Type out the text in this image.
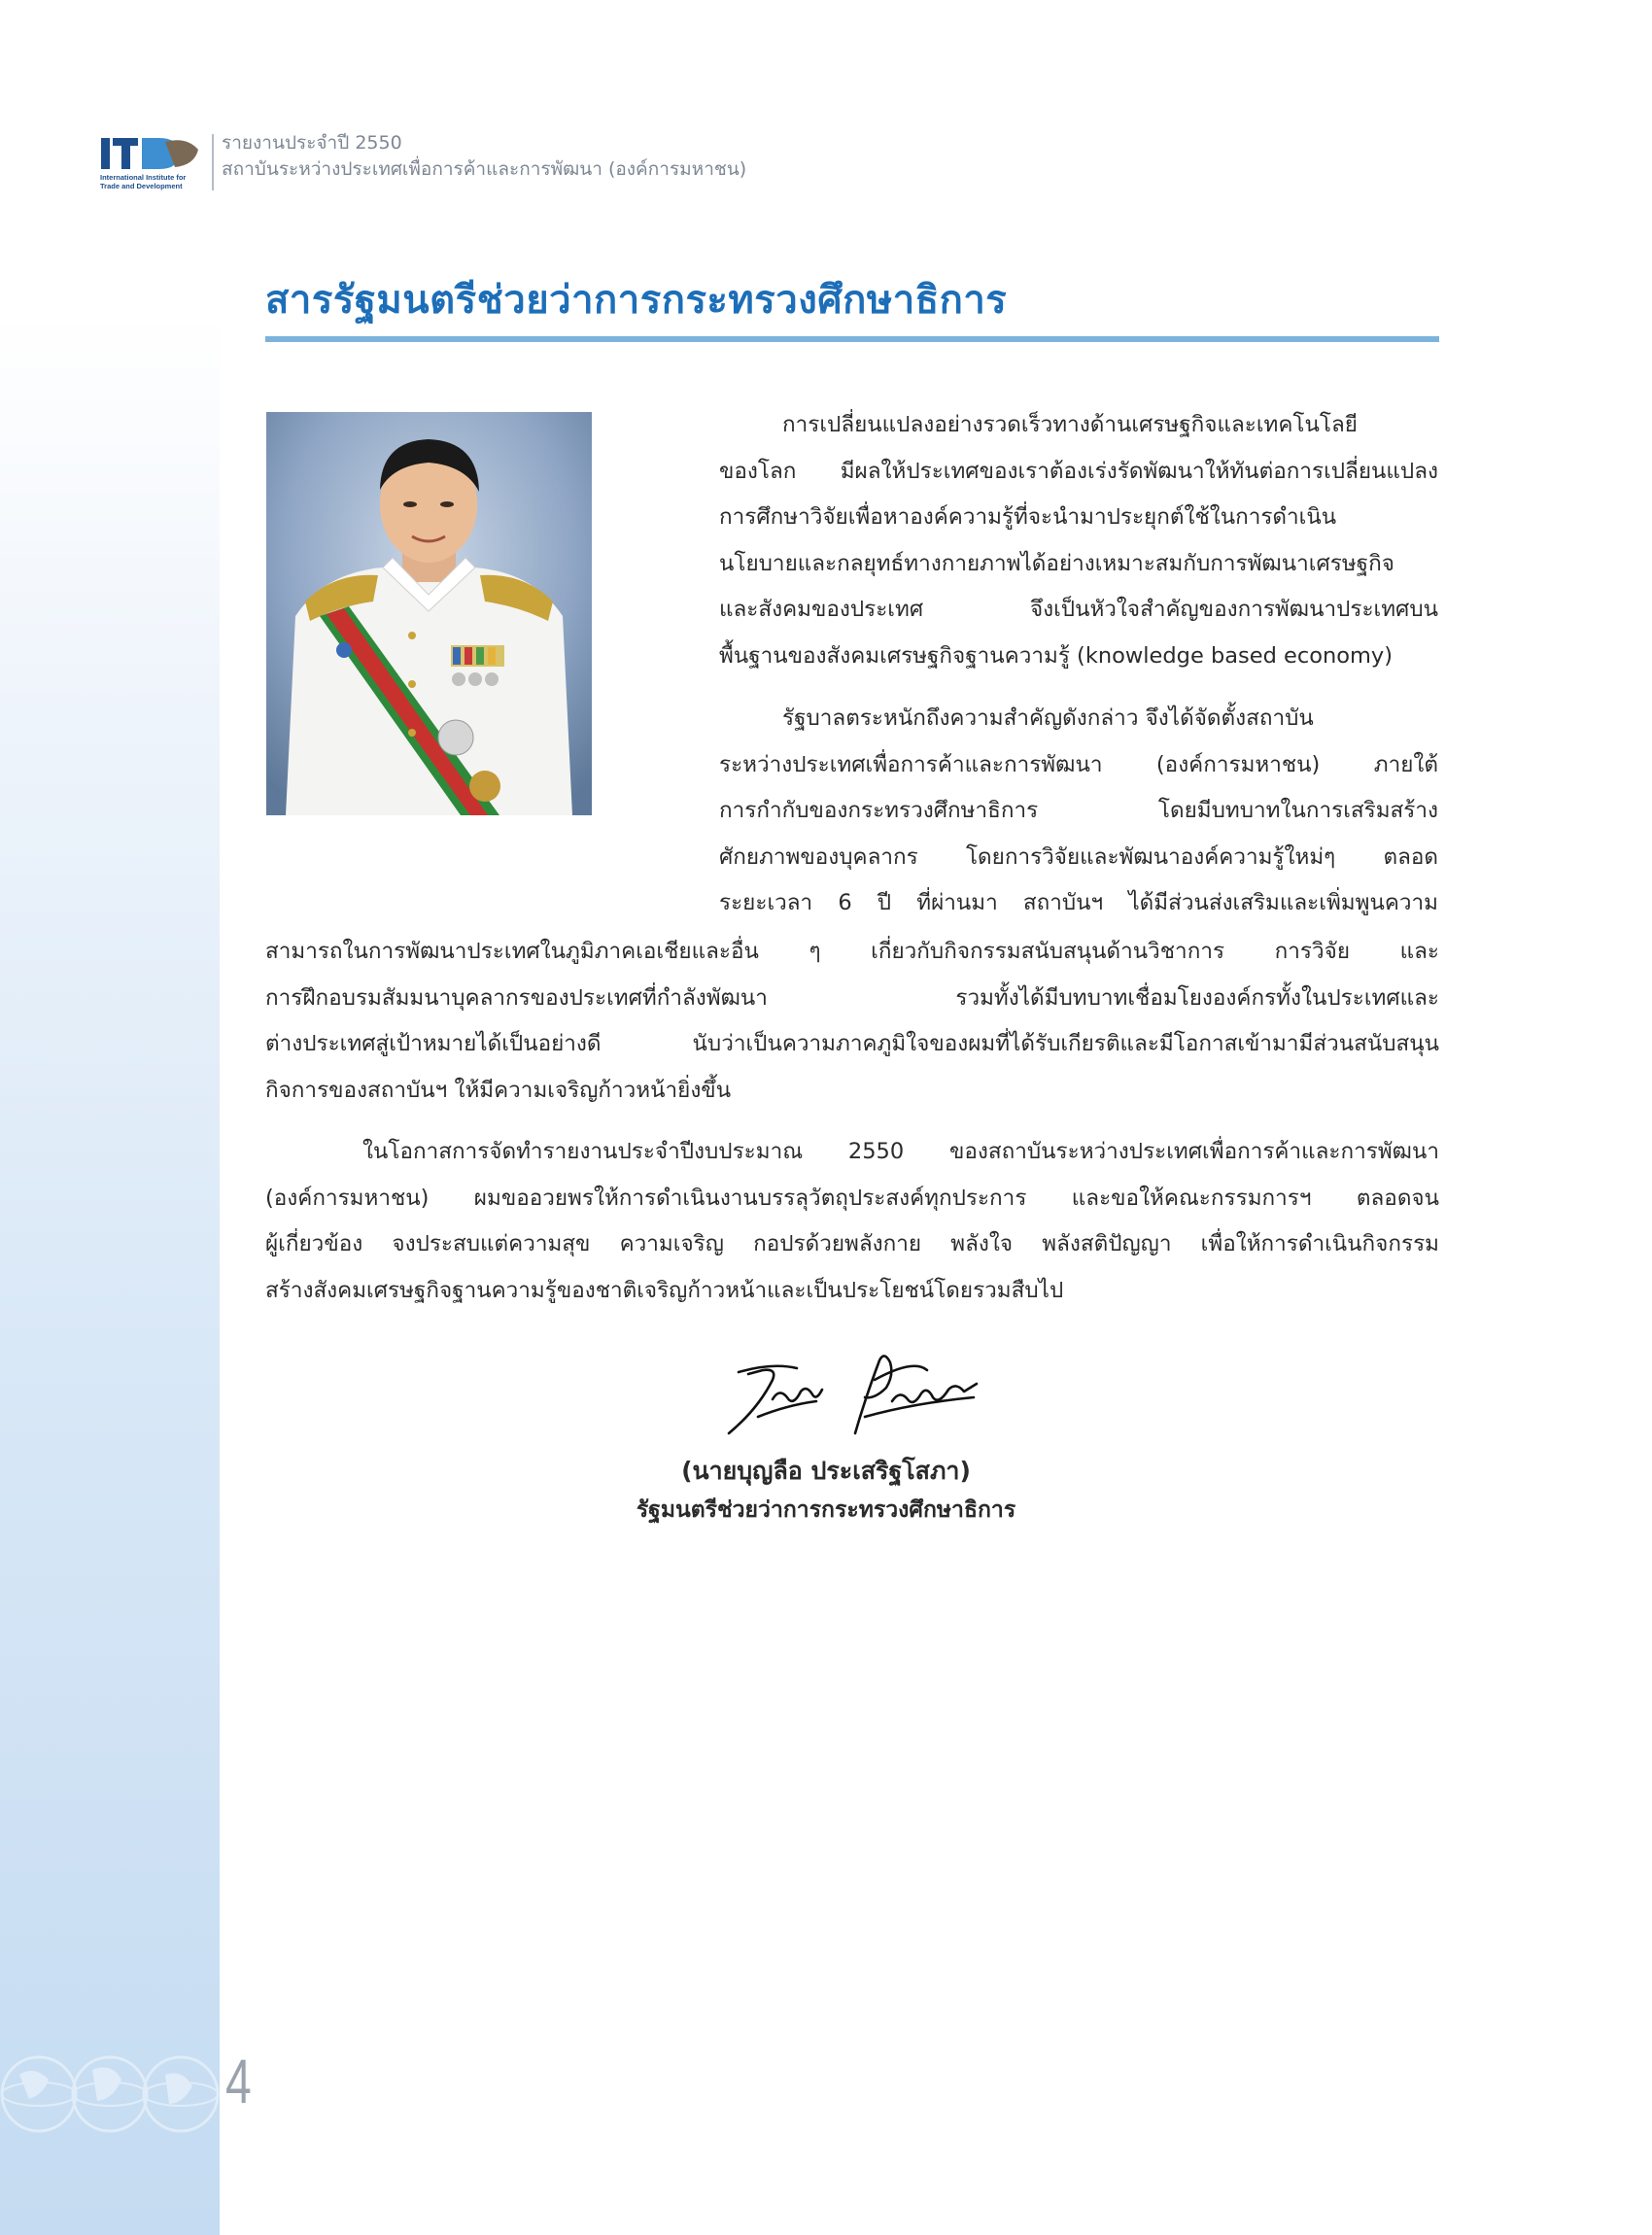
4
International Institute for
Trade and Development
รายงานประจำปี 2550
สถาบันระหว่างประเทศเพื่อการค้าและการพัฒนา (องค์การมหาชน)
สารรัฐมนตรีช่วยว่าการกระทรวงศึกษาธิการ
การเปลี่ยนแปลงอย่างรวดเร็วทางด้านเศรษฐกิจและเทคโนโลยี
ของโลก มีผลให้ประเทศของเราต้องเร่งรัดพัฒนาให้ทันต่อการเปลี่ยนแปลง
การศึกษาวิจัยเพื่อหาองค์ความรู้ที่จะนำมาประยุกต์ใช้ในการดำเนิน
นโยบายและกลยุทธ์ทางกายภาพได้อย่างเหมาะสมกับการพัฒนาเศรษฐกิจ
และสังคมของประเทศ จึงเป็นหัวใจสำคัญของการพัฒนาประเทศบน
พื้นฐานของสังคมเศรษฐกิจฐานความรู้ (knowledge based economy)
รัฐบาลตระหนักถึงความสำคัญดังกล่าว จึงได้จัดตั้งสถาบัน
ระหว่างประเทศเพื่อการค้าและการพัฒนา (องค์การมหาชน) ภายใต้
การกำกับของกระทรวงศึกษาธิการ โดยมีบทบาทในการเสริมสร้าง
ศักยภาพของบุคลากร โดยการวิจัยและพัฒนาองค์ความรู้ใหม่ๆ ตลอด
ระยะเวลา 6 ปี ที่ผ่านมา สถาบันฯ ได้มีส่วนส่งเสริมและเพิ่มพูนความ
สามารถในการพัฒนาประเทศในภูมิภาคเอเชียและอื่น ๆ เกี่ยวกับกิจกรรมสนับสนุนด้านวิชาการ การวิจัย และ
การฝึกอบรมสัมมนาบุคลากรของประเทศที่กำลังพัฒนา รวมทั้งได้มีบทบาทเชื่อมโยงองค์กรทั้งในประเทศและ
ต่างประเทศสู่เป้าหมายได้เป็นอย่างดี นับว่าเป็นความภาคภูมิใจของผมที่ได้รับเกียรติและมีโอกาสเข้ามามีส่วนสนับสนุน
กิจการของสถาบันฯ ให้มีความเจริญก้าวหน้ายิ่งขึ้น
ในโอกาสการจัดทำรายงานประจำปีงบประมาณ 2550 ของสถาบันระหว่างประเทศเพื่อการค้าและการพัฒนา
(องค์การมหาชน) ผมขออวยพรให้การดำเนินงานบรรลุวัตถุประสงค์ทุกประการ และขอให้คณะกรรมการฯ ตลอดจน
ผู้เกี่ยวข้อง จงประสบแต่ความสุข ความเจริญ กอปรด้วยพลังกาย พลังใจ พลังสติปัญญา เพื่อให้การดำเนินกิจกรรม
สร้างสังคมเศรษฐกิจฐานความรู้ของชาติเจริญก้าวหน้าและเป็นประโยชน์โดยรวมสืบไป

(นายบุญลือ ประเสริฐโสภา)

รัฐมนตรีช่วยว่าการกระทรวงศึกษาธิการ
